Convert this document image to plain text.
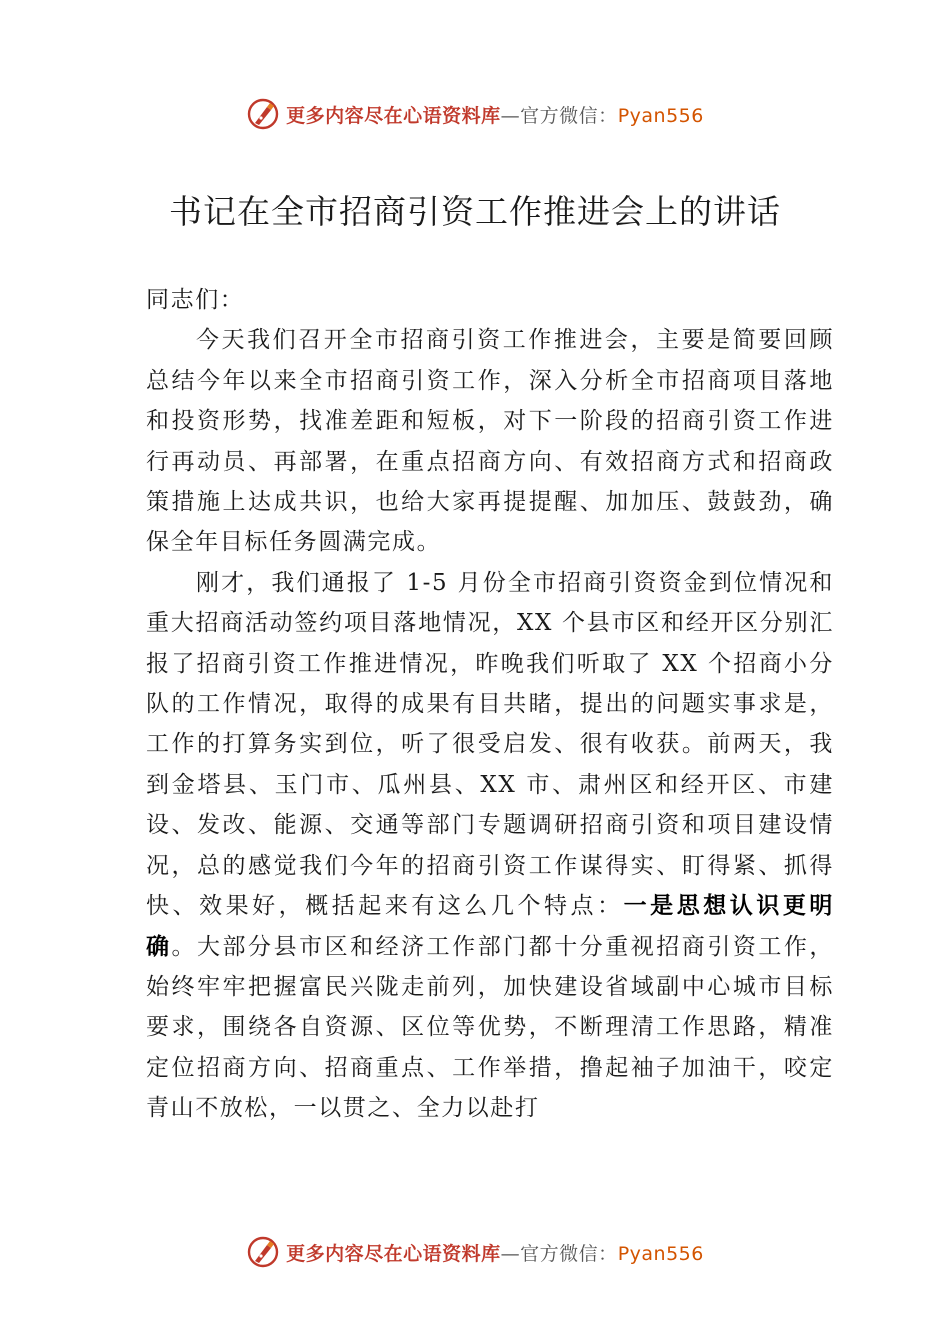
更多内容尽在心语资料库—官方微信：Pyan556
书记在全市招商引资工作推进会上的讲话

同志们：

今天我们召开全市招商引资工作推进会，主要是简要回顾总结今年以来全市招商引资工作，深入分析全市招商项目落地和投资形势，找准差距和短板，对下一阶段的招商引资工作进行再动员、再部署，在重点招商方向、有效招商方式和招商政策措施上达成共识，也给大家再提提醒、加加压、鼓鼓劲，确保全年目标任务圆满完成。

刚才，我们通报了 1-5 月份全市招商引资资金到位情况和重大招商活动签约项目落地情况，XX 个县市区和经开区分别汇报了招商引资工作推进情况，昨晚我们听取了 XX 个招商小分队的工作情况，取得的成果有目共睹，提出的问题实事求是，工作的打算务实到位，听了很受启发、很有收获。前两天，我到金塔县、玉门市、瓜州县、XX 市、肃州区和经开区、市建设、发改、能源、交通等部门专题调研招商引资和项目建设情况，总的感觉我们今年的招商引资工作谋得实、盯得紧、抓得快、效果好，概括起来有这么几个特点：一是思想认识更明确。大部分县市区和经济工作部门都十分重视招商引资工作，始终牢牢把握富民兴陇走前列，加快建设省域副中心城市目标要求，围绕各自资源、区位等优势，不断理清工作思路，精准定位招商方向、招商重点、工作举措，撸起袖子加油干，咬定青山不放松，一以贯之、全力以赴打

更多内容尽在心语资料库—官方微信：Pyan556
